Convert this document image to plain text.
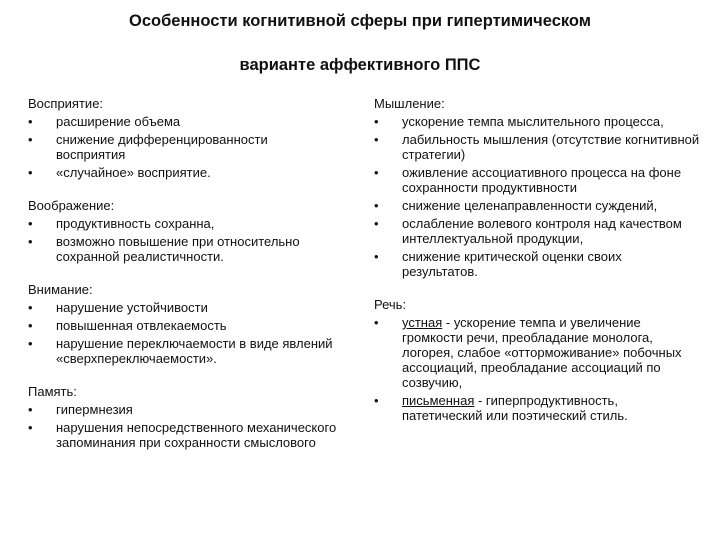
Особенности когнитивной сферы при гипертимическом
варианте аффективного ППС
Восприятие:
•	расширение объема
•	снижение дифференцированности восприятия
•	«случайное» восприятие.
Воображение:
•	продуктивность сохранна,
•	возможно повышение при относительно сохранной реалистичности.
Внимание:
•	нарушение устойчивости
•	повышенная отвлекаемость
•	нарушение переключаемости в виде явлений «сверхпереключаемости».
Память:
•	гипермнезия
•	нарушения непосредственного механического запоминания при сохранности смыслового
Мышление:
•	ускорение темпа мыслительного процесса,
•	лабильность мышления (отсутствие когнитивной стратегии)
•	оживление ассоциативного процесса на фоне сохранности продуктивности
•	снижение целенаправленности суждений,
•	ослабление волевого контроля над качеством интеллектуальной продукции,
•	снижение критической оценки своих результатов.
Речь:
•	устная - ускорение темпа и увеличение громкости речи, преобладание монолога, логорея, слабое «отторможивание» побочных ассоциаций, преобладание ассоциаций по созвучию,
•	письменная - гиперпродуктивность, патетический или поэтический стиль.
